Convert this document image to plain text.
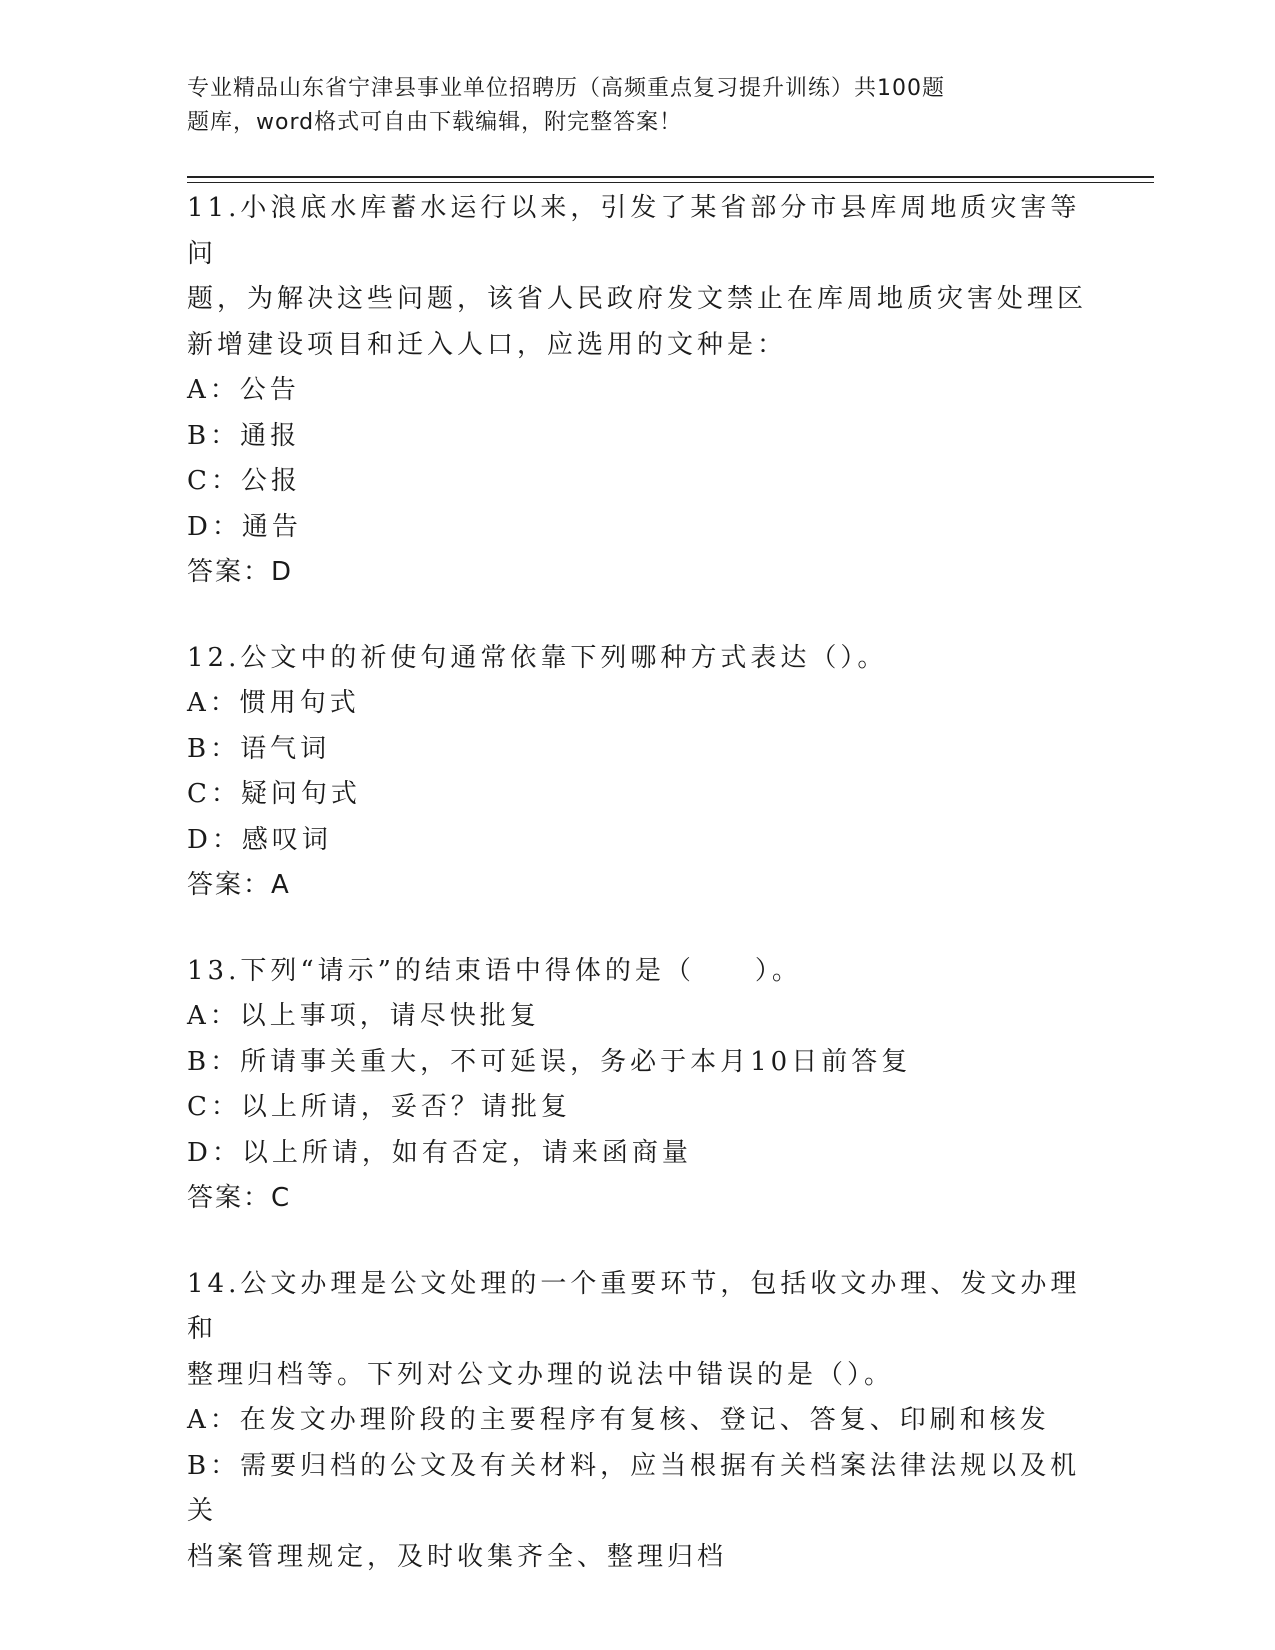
专业精品山东省宁津县事业单位招聘历（高频重点复习提升训练）共100题
题库，word格式可自由下载编辑，附完整答案！
11.小浪底水库蓄水运行以来，引发了某省部分市县库周地质灾害等问
题，为解决这些问题，该省人民政府发文禁止在库周地质灾害处理区
新增建设项目和迁入人口，应选用的文种是：
A：公告
B：通报
C：公报
D：通告
答案：D
12.公文中的祈使句通常依靠下列哪种方式表达（）。
A：惯用句式
B：语气词
C：疑问句式
D：感叹词
答案：A
13.下列“请示”的结束语中得体的是（　　）。
A：以上事项，请尽快批复
B：所请事关重大，不可延误，务必于本月10日前答复
C：以上所请，妥否？请批复
D：以上所请，如有否定，请来函商量
答案：C
14.公文办理是公文处理的一个重要环节，包括收文办理、发文办理和
整理归档等。下列对公文办理的说法中错误的是（）。
A：在发文办理阶段的主要程序有复核、登记、答复、印刷和核发
B：需要归档的公文及有关材料，应当根据有关档案法律法规以及机关
档案管理规定，及时收集齐全、整理归档
